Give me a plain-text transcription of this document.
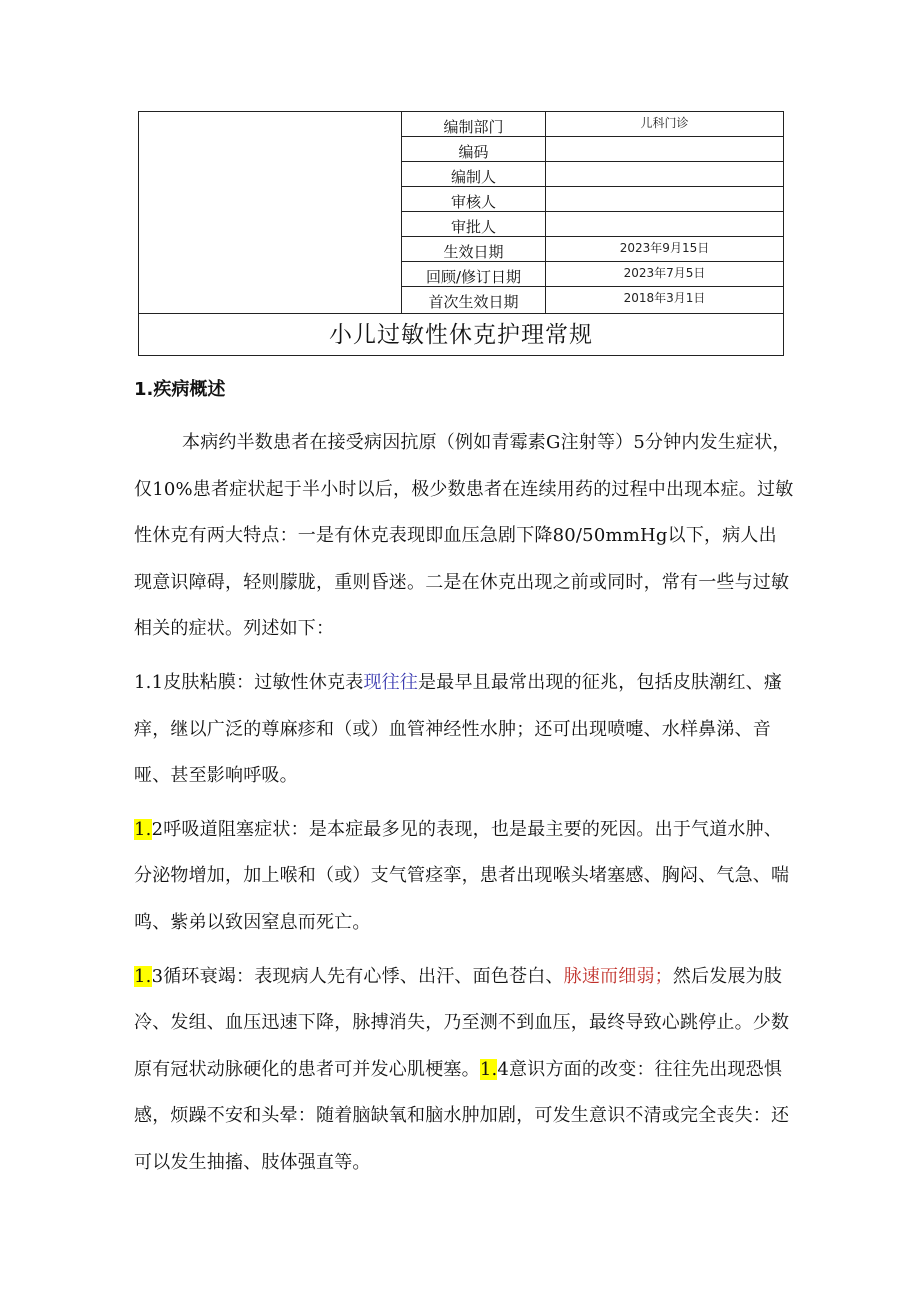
编制部门	儿科门诊
编码
编制人
审核人
审批人
生效日期	2023年9月15日
回顾/修订日期	2023年7月5日
首次生效日期	2018年3月1日
小儿过敏性休克护理常规
1.疾病概述

本病约半数患者在接受病因抗原（例如青霉素G注射等）5分钟内发生症状，仅10%患者症状起于半小时以后，极少数患者在连续用药的过程中出现本症。过敏性休克有两大特点：一是有休克表现即血压急剧下降80/50mmHg以下，病人出现意识障碍，轻则朦胧，重则昏迷。二是在休克出现之前或同时，常有一些与过敏相关的症状。列述如下：

1.1皮肤粘膜：过敏性休克表现往往是最早且最常出现的征兆，包括皮肤潮红、瘙痒，继以广泛的尊麻疹和（或）血管神经性水肿；还可出现喷嚏、水样鼻涕、音哑、甚至影响呼吸。

1.2呼吸道阻塞症状：是本症最多见的表现，也是最主要的死因。出于气道水肿、分泌物增加，加上喉和（或）支气管痉挛，患者出现喉头堵塞感、胸闷、气急、喘鸣、紫弟以致因窒息而死亡。

1.3循环衰竭：表现病人先有心悸、出汗、面色苍白、脉速而细弱；然后发展为肢冷、发组、血压迅速下降，脉搏消失，乃至测不到血压，最终导致心跳停止。少数原有冠状动脉硬化的患者可并发心肌梗塞。1.4意识方面的改变：往往先出现恐惧感，烦躁不安和头晕：随着脑缺氧和脑水肿加剧，可发生意识不清或完全丧失：还可以发生抽搐、肢体强直等。
